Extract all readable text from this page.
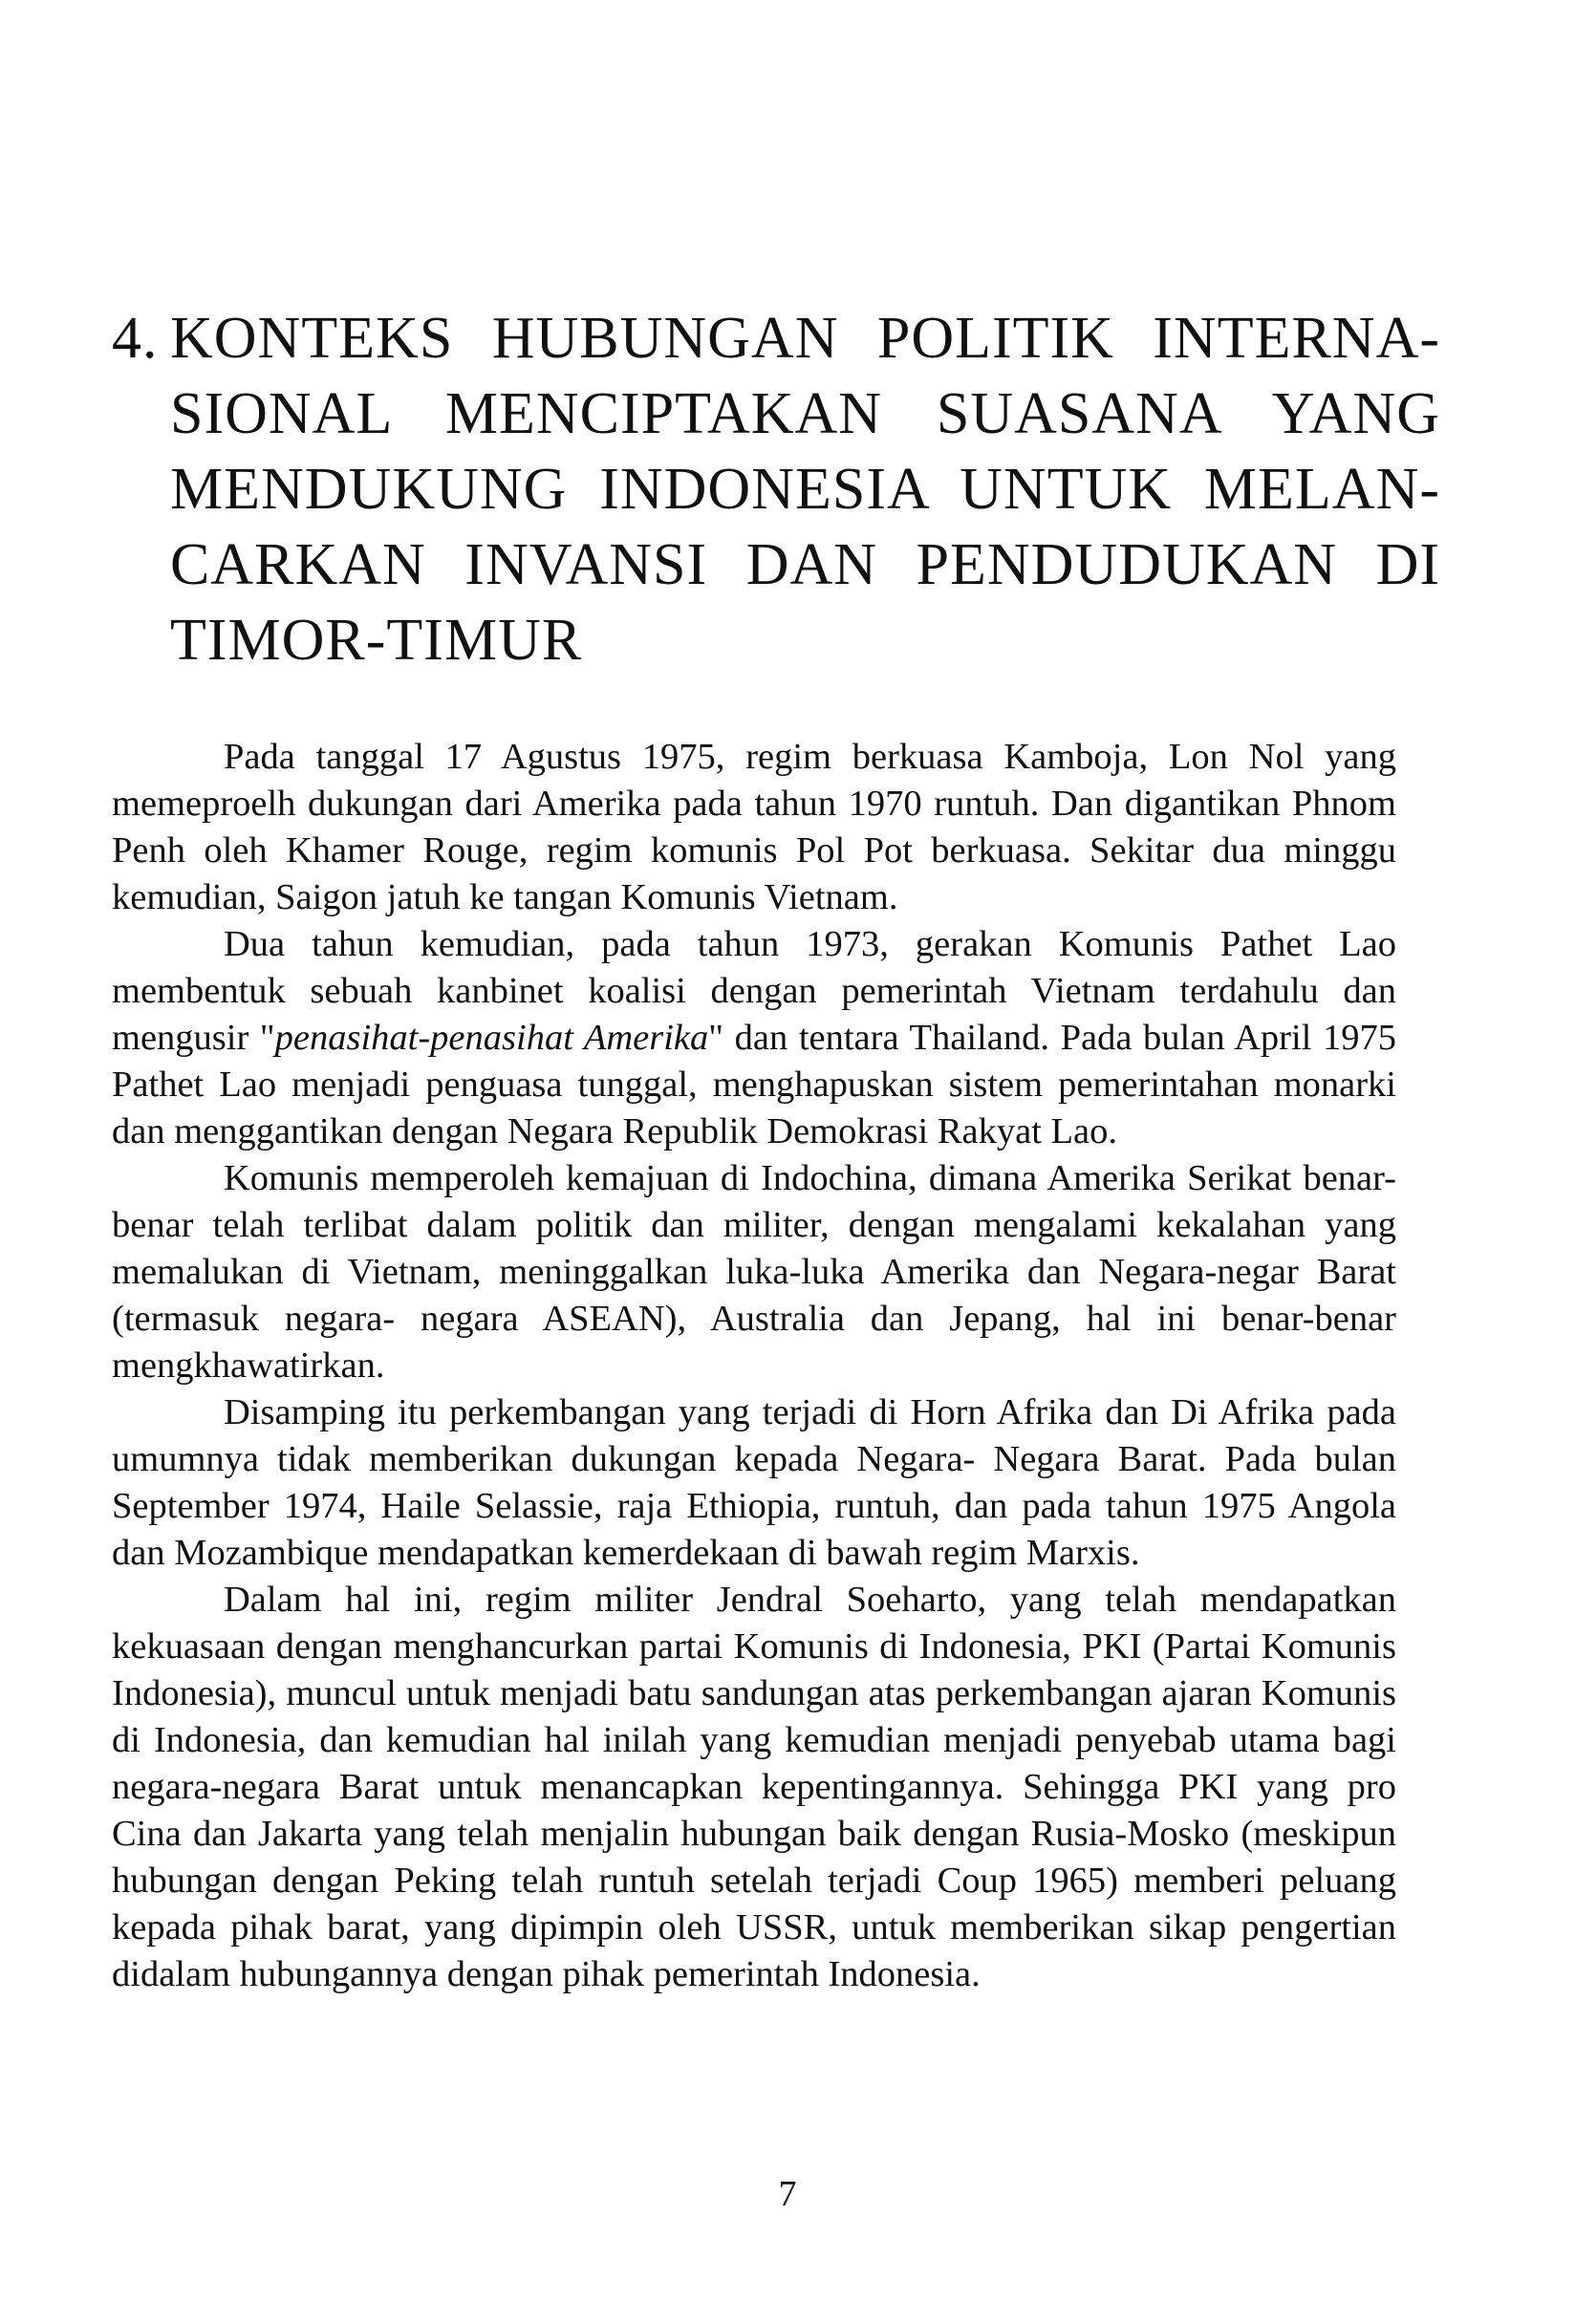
4. KONTEKS HUBUNGAN POLITIK INTERNA-
SIONAL MENCIPTAKAN SUASANA YANG
MENDUKUNG INDONESIA UNTUK MELAN-
CARKAN INVANSI DAN PENDUDUKAN DI
TIMOR-TIMUR

Pada tanggal 17 Agustus 1975, regim berkuasa Kamboja, Lon Nol yang memeproelh dukungan dari Amerika pada tahun 1970 runtuh. Dan digantikan Phnom Penh oleh Khamer Rouge, regim komunis Pol Pot berkuasa. Sekitar dua minggu kemudian, Saigon jatuh ke tangan Komunis Vietnam.

Dua tahun kemudian, pada tahun 1973, gerakan Komunis Pathet Lao membentuk sebuah kanbinet koalisi dengan pemerintah Vietnam terdahulu dan mengusir "penasihat-penasihat Amerika" dan tentara Thailand. Pada bulan April 1975 Pathet Lao menjadi penguasa tunggal, menghapuskan sistem pemerintahan monarki dan menggantikan dengan Negara Republik Demokrasi Rakyat Lao.

Komunis memperoleh kemajuan di Indochina, dimana Amerika Serikat benar-benar telah terlibat dalam politik dan militer, dengan mengalami kekalahan yang memalukan di Vietnam, meninggalkan luka-luka Amerika dan Negara-negar Barat (termasuk negara- negara ASEAN), Australia dan Jepang, hal ini benar-benar mengkhawatirkan.

Disamping itu perkembangan yang terjadi di Horn Afrika dan Di Afrika pada umumnya tidak memberikan dukungan kepada Negara- Negara Barat. Pada bulan September 1974, Haile Selassie, raja Ethiopia, runtuh, dan pada tahun 1975 Angola dan Mozambique mendapatkan kemerdekaan di bawah regim Marxis.

Dalam hal ini, regim militer Jendral Soeharto, yang telah mendapatkan kekuasaan dengan menghancurkan partai Komunis di Indonesia, PKI (Partai Komunis Indonesia), muncul untuk menjadi batu sandungan atas perkembangan ajaran Komunis di Indonesia, dan kemudian hal inilah yang kemudian menjadi penyebab utama bagi negara-negara Barat untuk menancapkan kepentingannya. Sehingga PKI yang pro Cina dan Jakarta yang telah menjalin hubungan baik dengan Rusia-Mosko (meskipun hubungan dengan Peking telah runtuh setelah terjadi Coup 1965) memberi peluang kepada pihak barat, yang dipimpin oleh USSR, untuk memberikan sikap pengertian didalam hubungannya dengan pihak pemerintah Indonesia.

7
